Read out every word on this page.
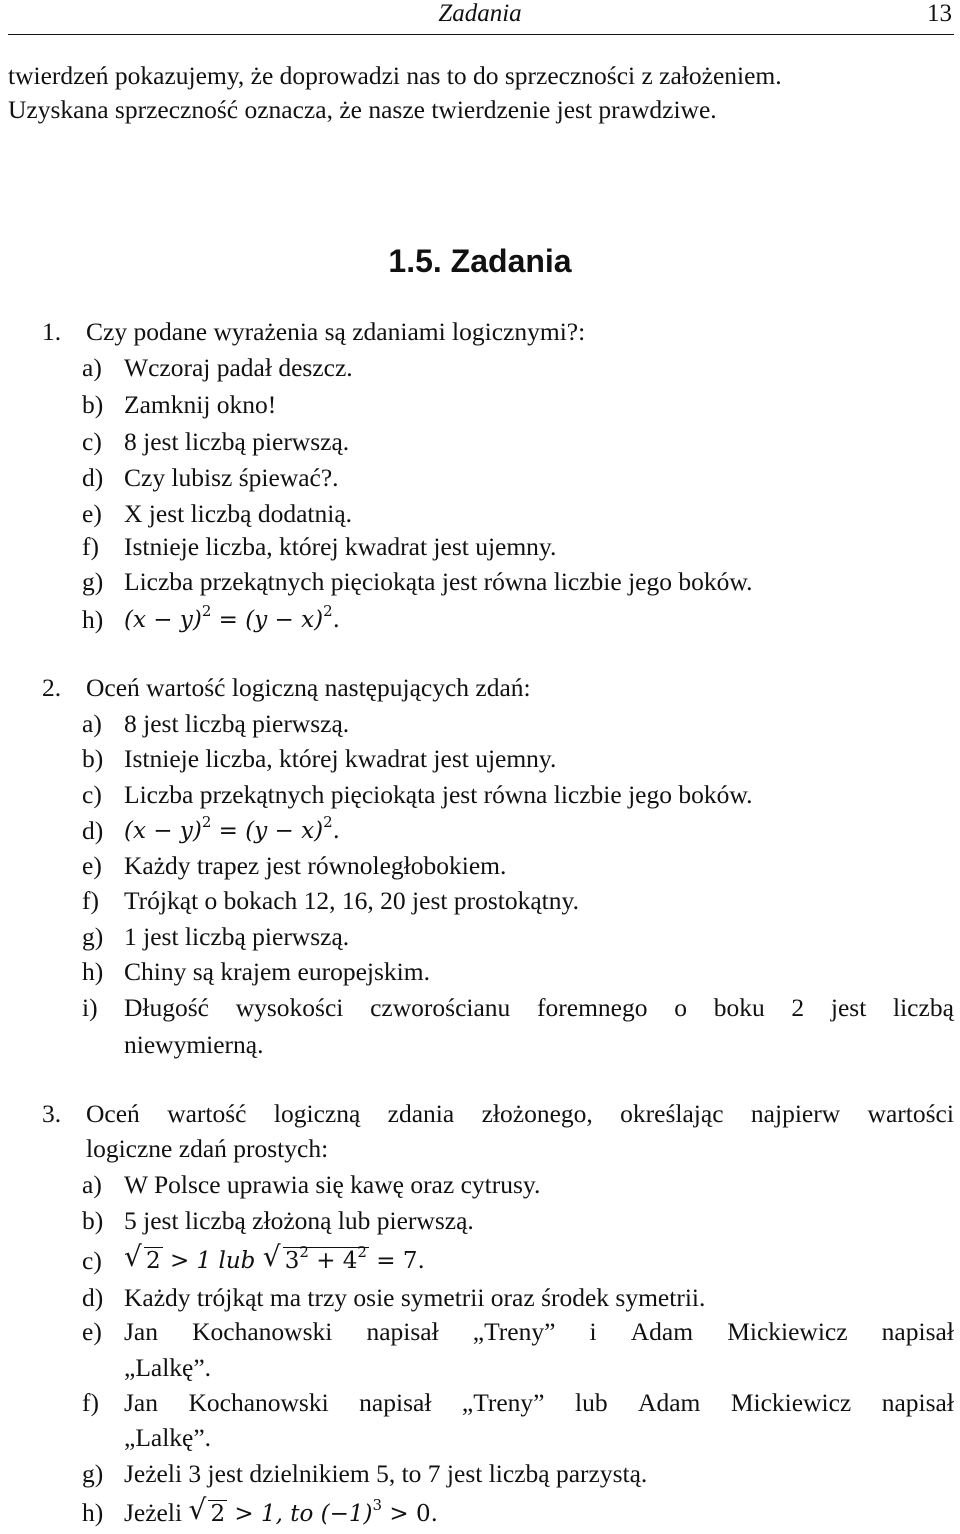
Zadania	13
twierdzeń pokazujemy, że doprowadzi nas to do sprzeczności z założeniem.
Uzyskana sprzeczność oznacza, że nasze twierdzenie jest prawdziwe.
1.5. Zadania
1. Czy podane wyrażenia są zdaniami logicznymi?:
a) Wczoraj padał deszcz.
b) Zamknij okno!
c) 8 jest liczbą pierwszą.
d) Czy lubisz śpiewać?.
e) X jest liczbą dodatnią.
f) Istnieje liczba, której kwadrat jest ujemny.
g) Liczba przekątnych pięciokąta jest równa liczbie jego boków.
h) $(x - y)^2 = (y - x)^2$.
2. Oceń wartość logiczną następujących zdań:
a) 8 jest liczbą pierwszą.
b) Istnieje liczba, której kwadrat jest ujemny.
c) Liczba przekątnych pięciokąta jest równa liczbie jego boków.
d) $(x - y)^2 = (y - x)^2$.
e) Każdy trapez jest równoległobokiem.
f) Trójkąt o bokach 12, 16, 20 jest prostokątny.
g) 1 jest liczbą pierwszą.
h) Chiny są krajem europejskim.
i) Długość wysokości czworościanu foremnego o boku 2 jest liczbą
niewymierną.
3. Oceń wartość logiczną zdania złożonego, określając najpierw wartości
logiczne zdań prostych:
a) W Polsce uprawia się kawę oraz cytrusy.
b) 5 jest liczbą złożoną lub pierwszą.
c)	√ 2 > 1 lub √ $3^2 + 4^2 = 7$.
d) Każdy trójkąt ma trzy osie symetrii oraz środek symetrii.
e) Jan Kochanowski napisał „Treny” i Adam Mickiewicz napisał
„Lalkę”.
f) Jan Kochanowski napisał „Treny” lub Adam Mickiewicz napisał
„Lalkę”.
g) Jeżeli 3 jest dzielnikiem 5, to 7 jest liczbą parzystą.
h) Jeżeli √ 2 > 1, to $(-1)^3 > 0$.
